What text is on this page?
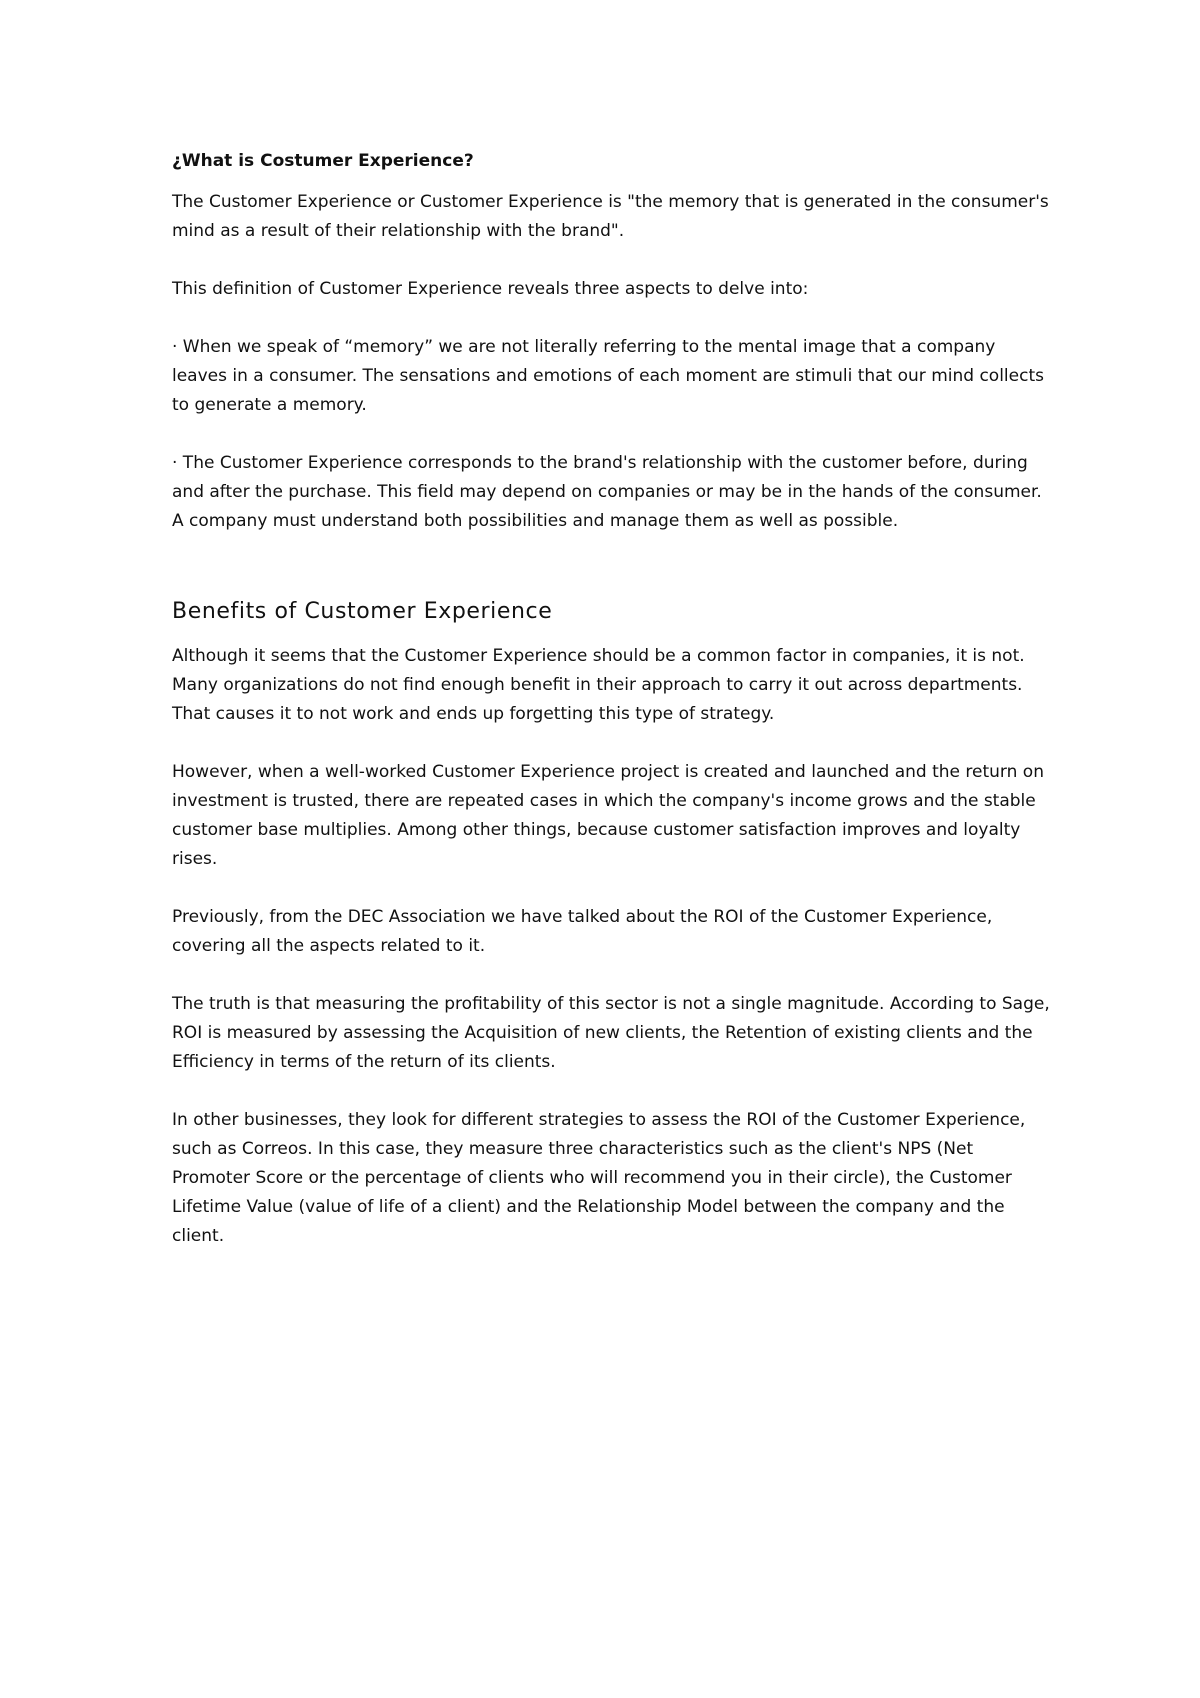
¿What is Costumer Experience?

The Customer Experience or Customer Experience is "the memory that is generated in the consumer's mind as a result of their relationship with the brand".

This definition of Customer Experience reveals three aspects to delve into:

· When we speak of “memory” we are not literally referring to the mental image that a company leaves in a consumer. The sensations and emotions of each moment are stimuli that our mind collects to generate a memory.

· The Customer Experience corresponds to the brand's relationship with the customer before, during and after the purchase. This field may depend on companies or may be in the hands of the consumer. A company must understand both possibilities and manage them as well as possible.

Benefits of Customer Experience

Although it seems that the Customer Experience should be a common factor in companies, it is not. Many organizations do not find enough benefit in their approach to carry it out across departments. That causes it to not work and ends up forgetting this type of strategy.

However, when a well-worked Customer Experience project is created and launched and the return on investment is trusted, there are repeated cases in which the company's income grows and the stable customer base multiplies. Among other things, because customer satisfaction improves and loyalty rises.

Previously, from the DEC Association we have talked about the ROI of the Customer Experience, covering all the aspects related to it.

The truth is that measuring the profitability of this sector is not a single magnitude. According to Sage, ROI is measured by assessing the Acquisition of new clients, the Retention of existing clients and the Efficiency in terms of the return of its clients.

In other businesses, they look for different strategies to assess the ROI of the Customer Experience, such as Correos. In this case, they measure three characteristics such as the client's NPS (Net Promoter Score or the percentage of clients who will recommend you in their circle), the Customer Lifetime Value (value of life of a client) and the Relationship Model between the company and the client.
